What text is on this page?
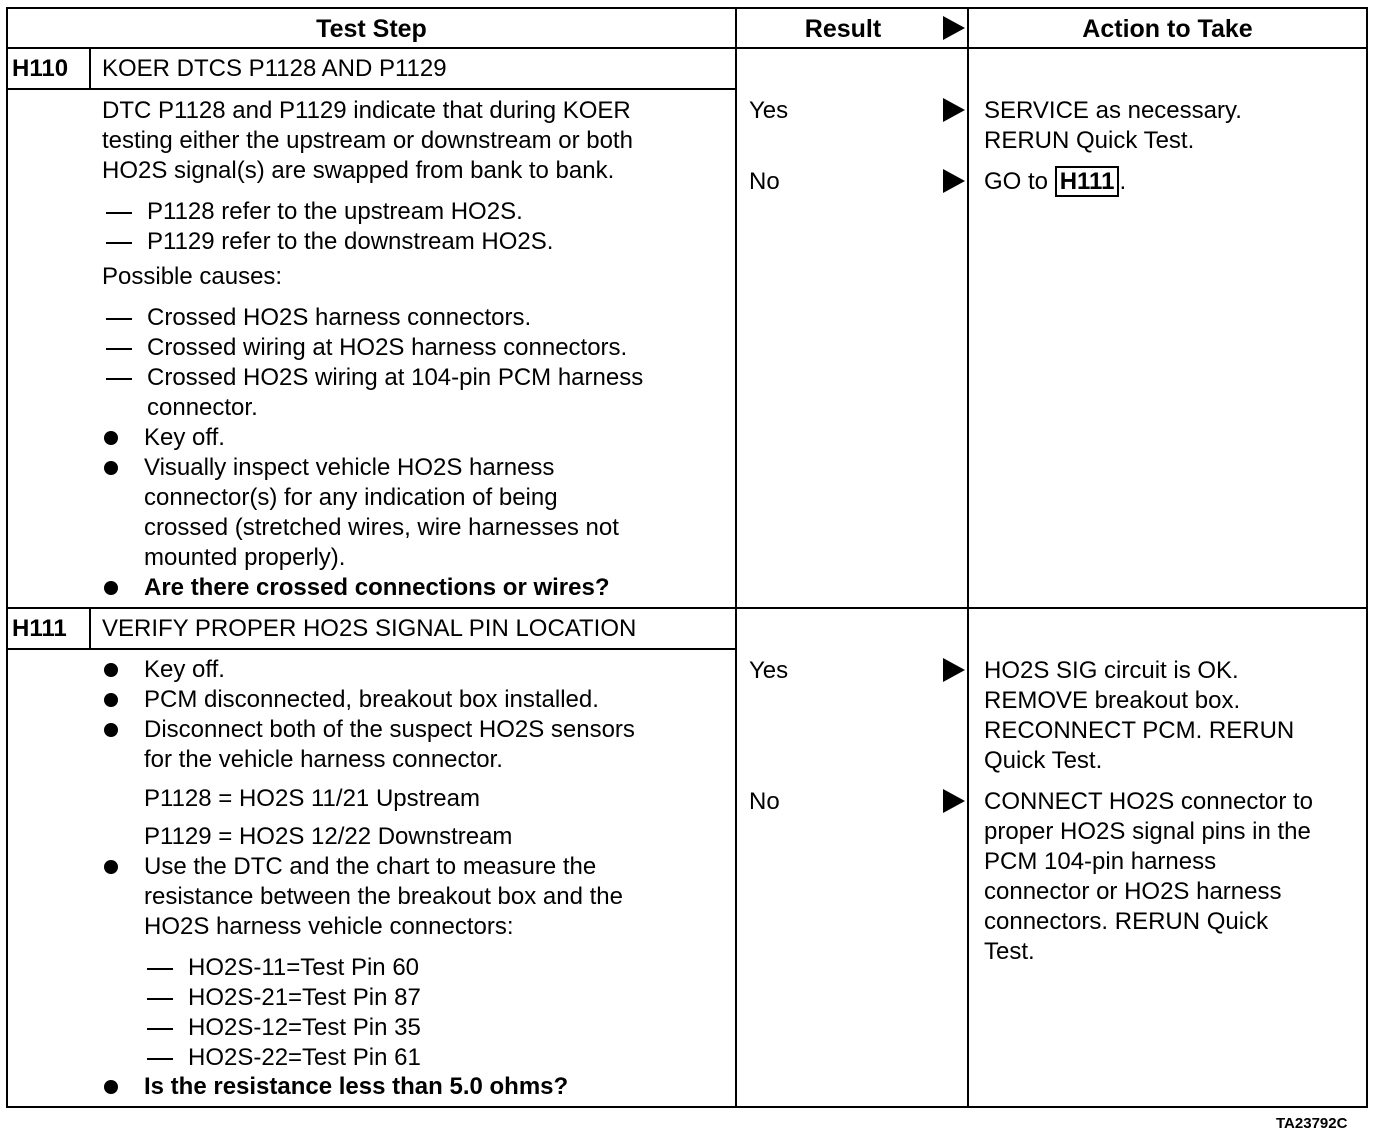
Test Step	Result	Action to Take
H110 KOER DTCS P1128 AND P1129
DTC P1128 and P1129 indicate that during KOER
testing either the upstream or downstream or both
HO2S signal(s) are swapped from bank to bank.
P1128 refer to the upstream HO2S.
P1129 refer to the downstream HO2S.
Possible causes:
Crossed HO2S harness connectors.
Crossed wiring at HO2S harness connectors.
Crossed HO2S wiring at 104-pin PCM harness
connector.
Key off.
Visually inspect vehicle HO2S harness
connector(s) for any indication of being
crossed (stretched wires, wire harnesses not
mounted properly).
Are there crossed connections or wires?
Yes
No
SERVICE as necessary.
RERUN Quick Test.
GO to H111 .
H111 VERIFY PROPER HO2S SIGNAL PIN LOCATION
Key off.
PCM disconnected, breakout box installed.
Disconnect both of the suspect HO2S sensors
for the vehicle harness connector.
P1128 = HO2S 11/21 Upstream
P1129 = HO2S 12/22 Downstream
Use the DTC and the chart to measure the
resistance between the breakout box and the
HO2S harness vehicle connectors:
HO2S-11=Test Pin 60
HO2S-21=Test Pin 87
HO2S-12=Test Pin 35
HO2S-22=Test Pin 61
Is the resistance less than 5.0 ohms?
Yes
No
HO2S SIG circuit is OK.
REMOVE breakout box.
RECONNECT PCM. RERUN
Quick Test.
CONNECT HO2S connector to
proper HO2S signal pins in the
PCM 104-pin harness
connector or HO2S harness
connectors. RERUN Quick
Test.
TA23792C
